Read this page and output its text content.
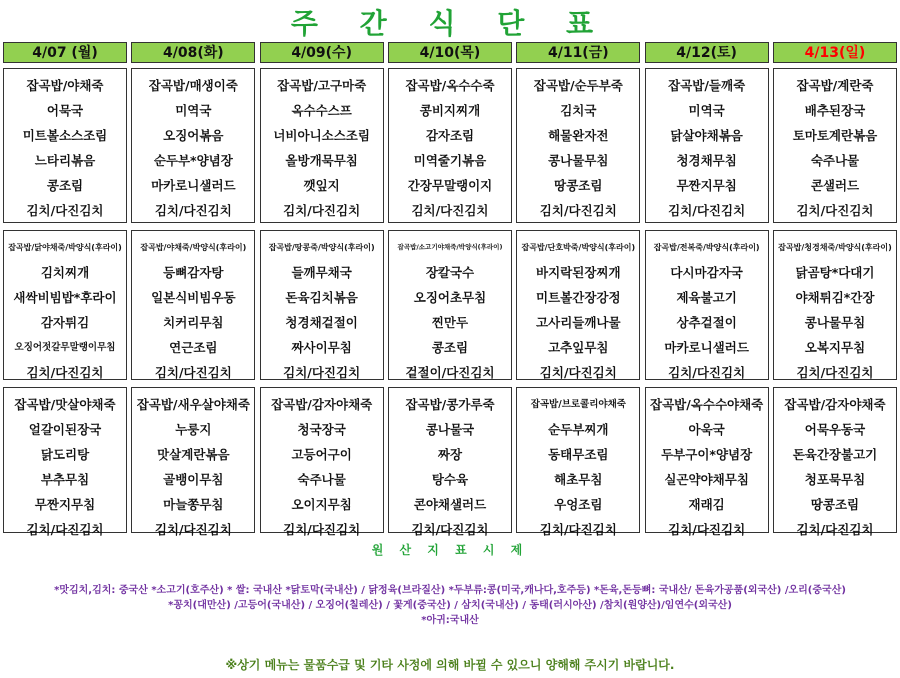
주 간 식 단 표
4/07 (월)
잡곡밥/야채죽
어묵국
미트볼소스조림
느타리볶음
콩조림
김치/다진김치
잡곡밥/닭야채죽/박양식(후라이)
김치찌개
새싹비빔밥*후라이
감자튀김
오징어젓갈무말랭이무침
김치/다진김치
잡곡밥/맛살야채죽
얼갈이된장국
닭도리탕
부추무침
무짠지무침
김치/다진김치
4/08(화)
잡곡밥/매생이죽
미역국
오징어볶음
순두부*양념장
마카로니샐러드
김치/다진김치
잡곡밥/야채죽/박양식(후라이)
등뼈감자탕
일본식비빔우동
치커리무침
연근조림
김치/다진김치
잡곡밥/새우살야채죽
누룽지
맛살계란볶음
골뱅이무침
마늘쫑무침
김치/다진김치
4/09(수)
잡곡밥/고구마죽
옥수수스프
너비아니소스조림
올방개묵무침
깻잎지
김치/다진김치
잡곡밥/땅콩죽/박양식(후라이)
들깨무채국
돈육김치볶음
청경채겉절이
짜사이무침
김치/다진김치
잡곡밥/감자야채죽
청국장국
고등어구이
숙주나물
오이지무침
김치/다진김치
4/10(목)
잡곡밥/옥수수죽
콩비지찌개
감자조림
미역줄기볶음
간장무말랭이지
김치/다진김치
잡곡밥/소고기야채죽/박양식(후라이)
장칼국수
오징어초무침
찐만두
콩조림
겉절이/다진김치
잡곡밥/콩가루죽
콩나물국
짜장
탕수육
콘야채샐러드
김치/다진김치
4/11(금)
잡곡밥/순두부죽
김치국
해물완자전
콩나물무침
땅콩조림
김치/다진김치
잡곡밥/단호박죽/박양식(후라이)
바지락된장찌개
미트볼간장강정
고사리들깨나물
고추잎무침
김치/다진김치
잡곡밥/브로콜리야채죽
순두부찌개
동태무조림
해초무침
우엉조림
김치/다진김치
4/12(토)
잡곡밥/들깨죽
미역국
닭살야채볶음
청경채무침
무짠지무침
김치/다진김치
잡곡밥/전복죽/박양식(후라이)
다시마감자국
제육불고기
상추겉절이
마카로니샐러드
김치/다진김치
잡곡밥/옥수수야채죽
아욱국
두부구이*양념장
실곤약야채무침
재래김
김치/다진김치
4/13(일)
잡곡밥/계란죽
배추된장국
토마토계란볶음
숙주나물
콘샐러드
김치/다진김치
잡곡밥/청경채죽/박양식(후라이)
닭곰탕*다대기
야채튀김*간장
콩나물무침
오복지무침
김치/다진김치
잡곡밥/감자야채죽
어묵우동국
돈육간장불고기
청포묵무침
땅콩조림
김치/다진김치
원 산 지 표 시 제
*맛김치,김치: 중국산 *소고기(호주산) * 쌀: 국내산 *닭토막(국내산) / 닭정육(브라질산) *두부류:콩(미국,캐나다,호주등) *돈육,돈등뼈: 국내산/ 돈육가공품(외국산) /오리(중국산)
*꽁치(대만산) /고등어(국내산) / 오징어(칠레산) / 꽃게(중국산) / 삼치(국내산) / 동태(러시아산) /참치(원양산)/임연수(외국산)
*아귀:국내산
※상기 메뉴는 물품수급 및 기타 사정에 의해 바뀔 수 있으니 양해해 주시기 바랍니다.
